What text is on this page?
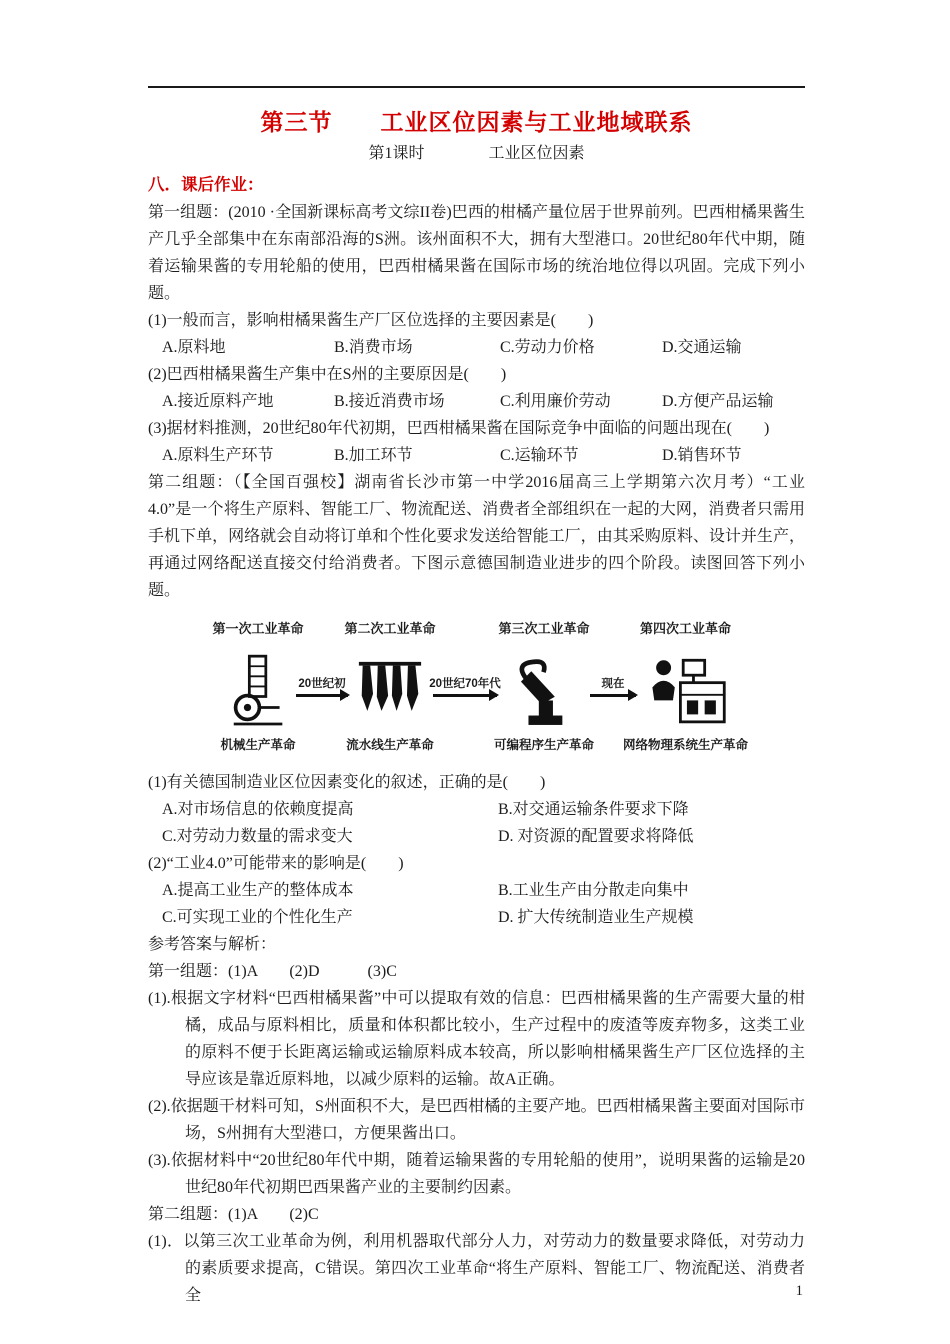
第三节　　工业区位因素与工业地域联系
第1课时　　　　工业区位因素
八．课后作业：

第一组题：(2010 ·全国新课标高考文综II卷)巴西的柑橘产量位居于世界前列。巴西柑橘果酱生产几乎全部集中在东南部沿海的S洲。该州面积不大，拥有大型港口。20世纪80年代中期，随着运输果酱的专用轮船的使用，巴西柑橘果酱在国际市场的统治地位得以巩固。完成下列小题。

(1)一般而言，影响柑橘果酱生产厂区位选择的主要因素是(　　)

A.原料地	B.消费市场	C.劳动力价格	D.交通运输

(2)巴西柑橘果酱生产集中在S州的主要原因是(　　)

A.接近原料产地	B.接近消费市场	C.利用廉价劳动	D.方便产品运输

(3)据材料推测，20世纪80年代初期，巴西柑橘果酱在国际竞争中面临的问题出现在(　　)

A.原料生产环节	B.加工环节	C.运输环节	D.销售环节

第二组题：（【全国百强校】湖南省长沙市第一中学2016届高三上学期第六次月考）“工业4.0”是一个将生产原料、智能工厂、物流配送、消费者全部组织在一起的大网，消费者只需用手机下单，网络就会自动将订单和个性化要求发送给智能工厂，由其采购原料、设计并生产，再通过网络配送直接交付给消费者。下图示意德国制造业进步的四个阶段。读图回答下列小题。

第一次工业革命	第二次工业革命	第三次工业革命	第四次工业革命
20世纪初	20世纪70年代	现在
机械生产革命	流水线生产革命	可编程序生产革命 网络物理系统生产革命

(1)有关德国制造业区位因素变化的叙述，正确的是(　　)

A.对市场信息的依赖度提高	B.对交通运输条件要求下降
C.对劳动力数量的需求变大	D. 对资源的配置要求将降低

(2)“工业4.0”可能带来的影响是(　　)

A.提高工业生产的整体成本	B.工业生产由分散走向集中
C.可实现工业的个性化生产	D. 扩大传统制造业生产规模

参考答案与解析：

第一组题：(1)A　　(2)D　　　(3)C

(1).根据文字材料“巴西柑橘果酱”中可以提取有效的信息：巴西柑橘果酱的生产需要大量的柑橘，成品与原料相比，质量和体积都比较小，生产过程中的废渣等废弃物多，这类工业的原料不便于长距离运输或运输原料成本较高，所以影响柑橘果酱生产厂区位选择的主导应该是靠近原料地，以减少原料的运输。故A正确。

(2).依据题干材料可知，S州面积不大，是巴西柑橘的主要产地。巴西柑橘果酱主要面对国际市场，S州拥有大型港口，方便果酱出口。

(3).依据材料中“20世纪80年代中期，随着运输果酱的专用轮船的使用”，说明果酱的运输是20世纪80年代初期巴西果酱产业的主要制约因素。

第二组题：(1)A　　(2)C

(1)．以第三次工业革命为例，利用机器取代部分人力，对劳动力的数量要求降低，对劳动力的素质要求提高，C错误。第四次工业革命“将生产原料、智能工厂、物流配送、消费者全	1
